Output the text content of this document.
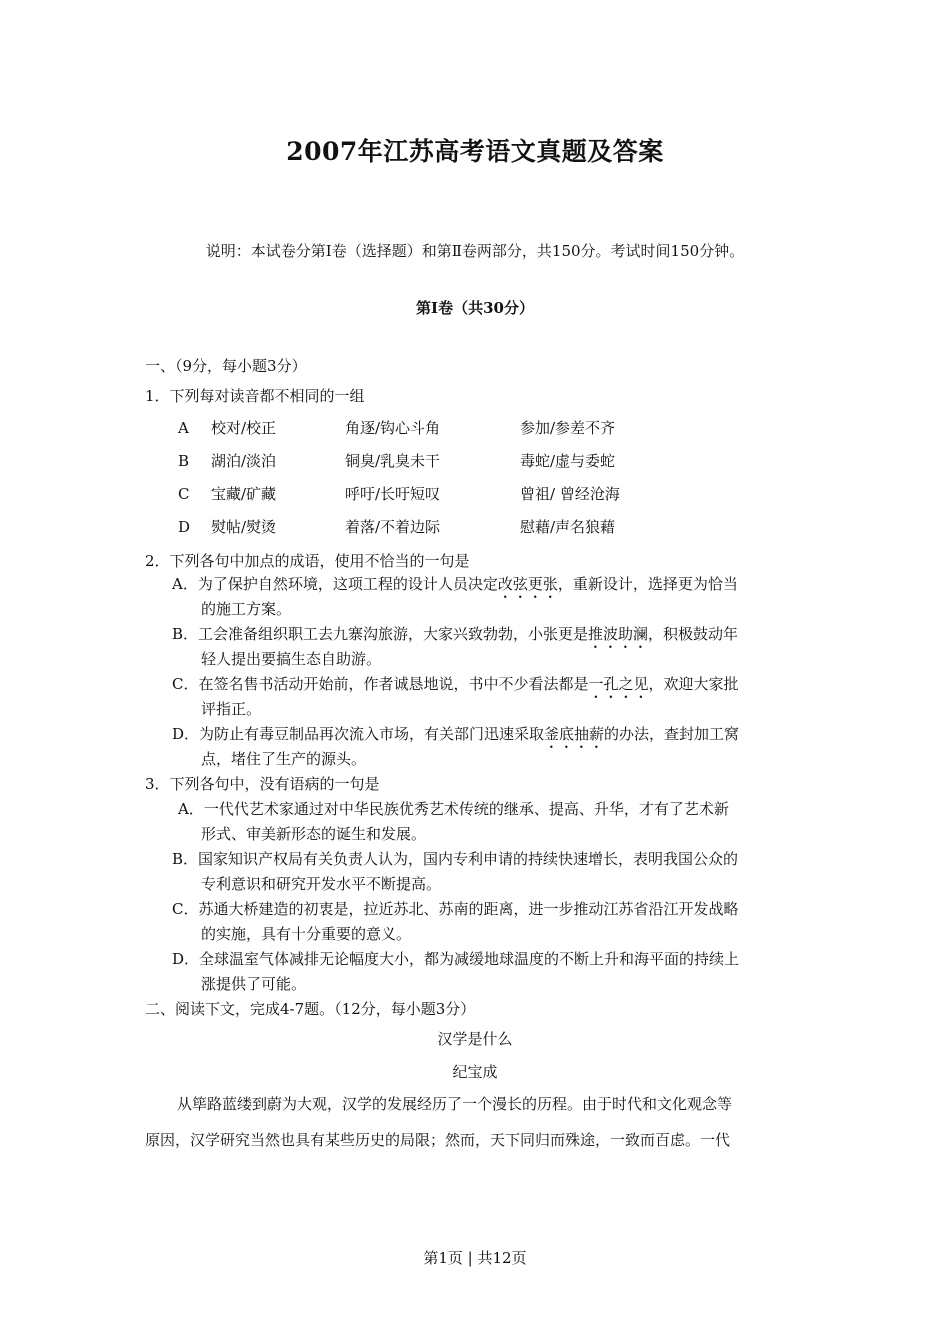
2007年江苏高考语文真题及答案
说明：本试卷分第Ⅰ卷（选择题）和第Ⅱ卷两部分，共150分。考试时间150分钟。
第Ⅰ卷（共30分）
一、（9分，每小题3分）
1．下列每对读音都不相同的一组
A 校对/校正	角逐/钩心斗角	参加/参差不齐
B 湖泊/淡泊	铜臭/乳臭未干	毒蛇/虚与委蛇
C 宝藏/矿藏	呼吁/长吁短叹	曾祖/ 曾经沧海
D 熨帖/熨烫	着落/不着边际	慰藉/声名狼藉
2．下列各句中加点的成语，使用不恰当的一句是
A．为了保护自然环境，这项工程的设计人员决定改弦更张，重新设计，选择更为恰当
的施工方案。
B．工会准备组织职工去九寨沟旅游，大家兴致勃勃，小张更是推波助澜，积极鼓动年
轻人提出要搞生态自助游。
C．在签名售书活动开始前，作者诚恳地说，书中不少看法都是一孔之见，欢迎大家批
评指正。
D．为防止有毒豆制品再次流入市场，有关部门迅速采取釜底抽薪的办法，查封加工窝
点，堵住了生产的源头。
3．下列各句中，没有语病的一句是
A．一代代艺术家通过对中华民族优秀艺术传统的继承、提高、升华，才有了艺术新
形式、审美新形态的诞生和发展。
B．国家知识产权局有关负责人认为，国内专利申请的持续快速增长，表明我国公众的
专利意识和研究开发水平不断提高。
C．苏通大桥建造的初衷是，拉近苏北、苏南的距离，进一步推动江苏省沿江开发战略
的实施，具有十分重要的意义。
D．全球温室气体减排无论幅度大小，都为减缓地球温度的不断上升和海平面的持续上
涨提供了可能。
二、阅读下文，完成4-7题。（12分，每小题3分）
汉学是什么
纪宝成
从筚路蓝缕到蔚为大观，汉学的发展经历了一个漫长的历程。由于时代和文化观念等
原因，汉学研究当然也具有某些历史的局限；然而，天下同归而殊途，一致而百虑。一代
第1页 | 共12页
